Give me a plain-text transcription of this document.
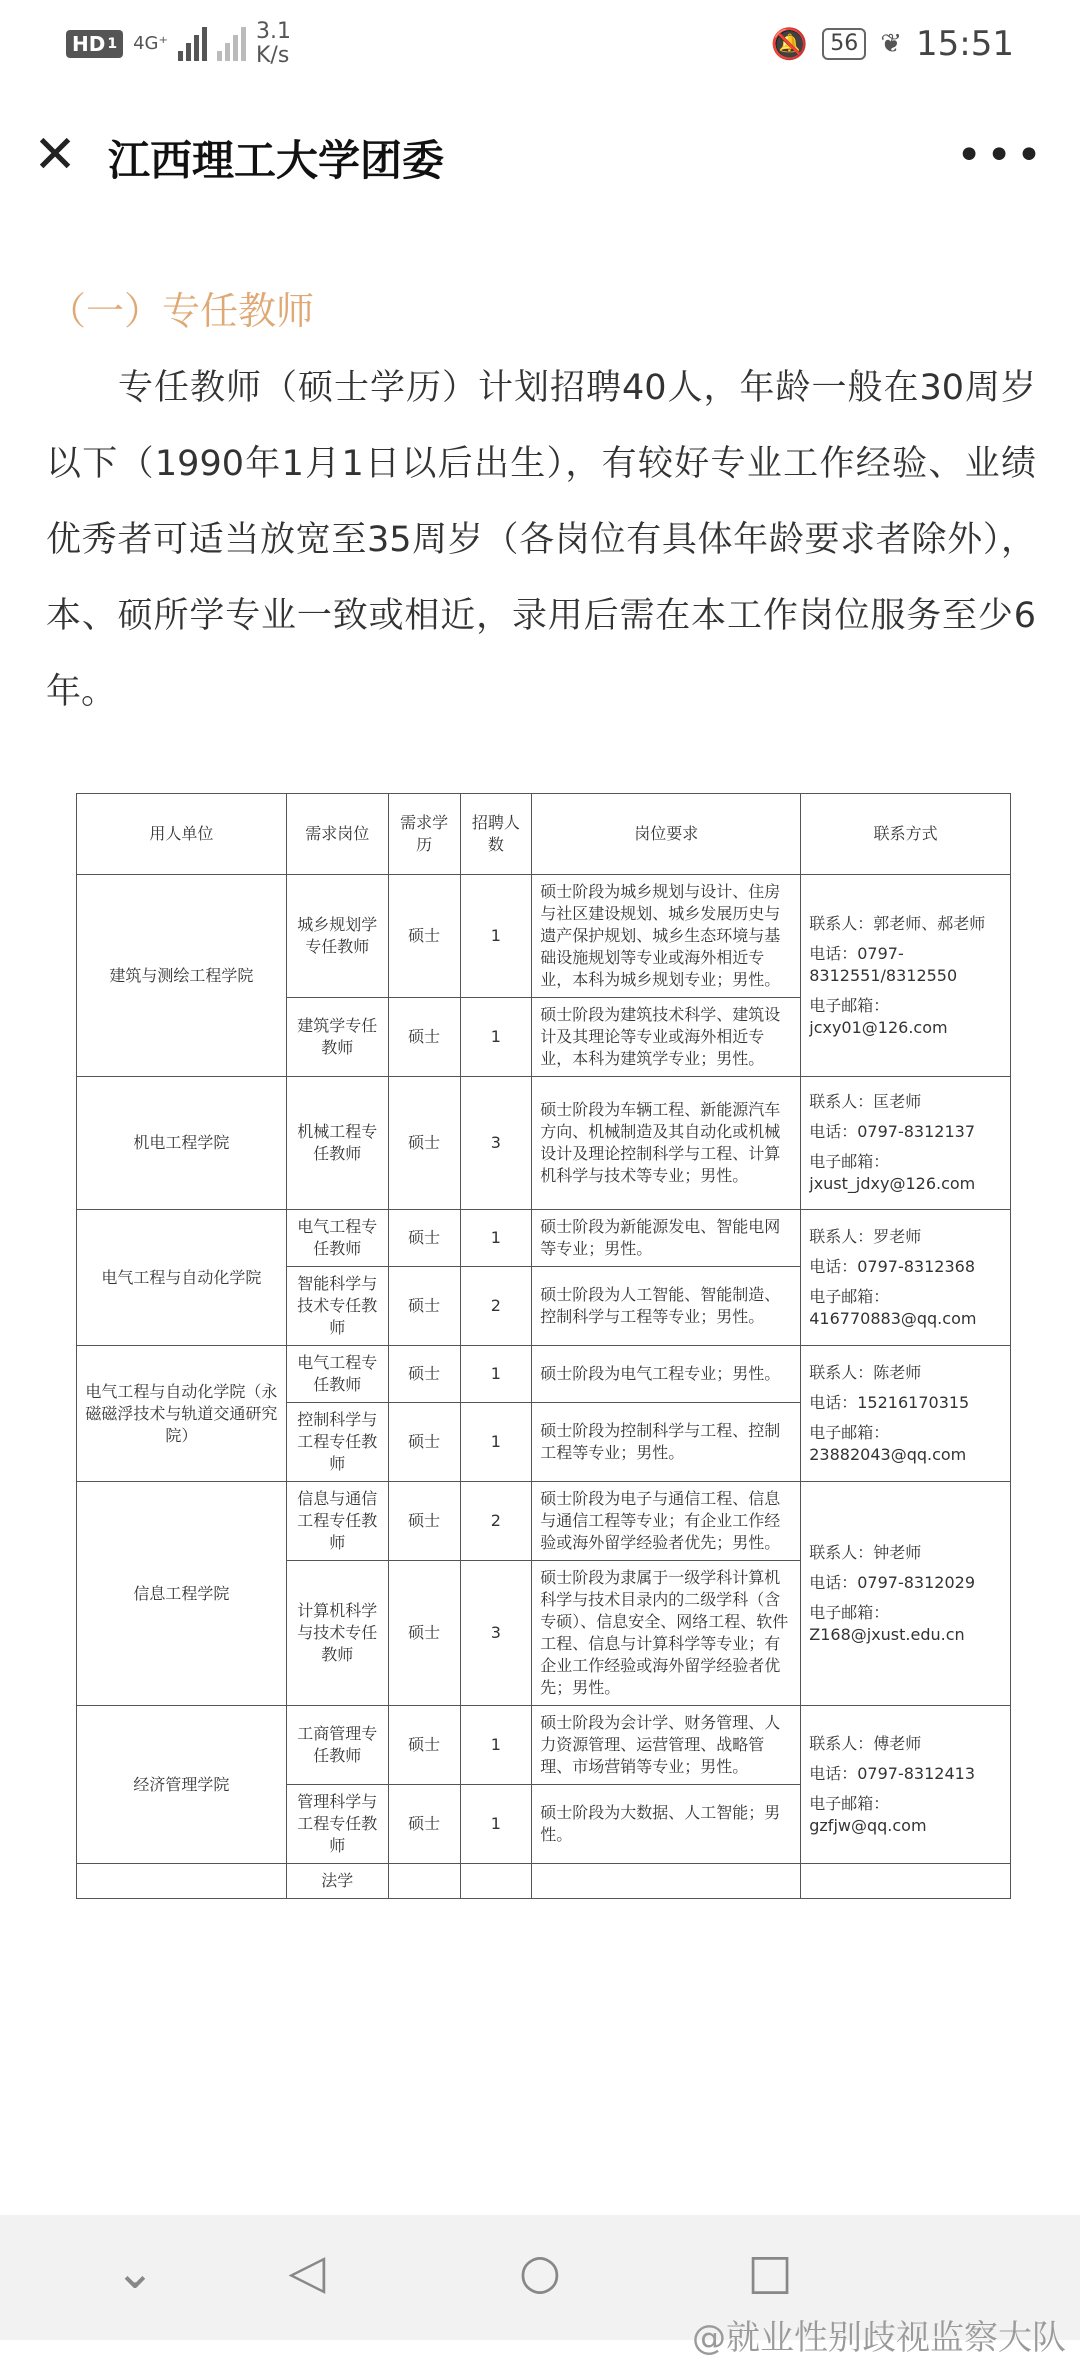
HD 1 4G⁺	3.1
K/s	🔕	56 ❦ 15:51
✕ 江西理工大学团委	•••
（一）专任教师
　　专任教师（硕士学历）计划招聘40人，年龄一般在30周岁以下（1990年1月1日以后出生），有较好专业工作经验、业绩优秀者可适当放宽至35周岁（各岗位有具体年龄要求者除外），本、硕所学专业一致或相近，录用后需在本工作岗位服务至少6年。
用人单位	需求岗位	需求学历	招聘人数	岗位要求	联系方式
建筑与测绘工程学院	城乡规划学专任教师	硕士	1	硕士阶段为城乡规划与设计、住房与社区建设规划、城乡发展历史与遗产保护规划、城乡生态环境与基础设施规划等专业或海外相近专业，本科为城乡规划专业；男性。	联系人：郭老师、郝老师
电话：0797-8312551/8312550
电子邮箱：jcxy01@126.com

	建筑学专任教师	硕士	1	硕士阶段为建筑技术科学、建筑设计及其理论等专业或海外相近专业，本科为建筑学专业；男性。	
机电工程学院	机械工程专任教师	硕士	3	硕士阶段为车辆工程、新能源汽车方向、机械制造及其自动化或机械设计及理论控制科学与工程、计算机科学与技术等专业；男性。	联系人：匡老师
电话：0797-8312137
电子邮箱：jxust_jdxy@126.com

电气工程与自动化学院	电气工程专任教师	硕士	1	硕士阶段为新能源发电、智能电网等专业；男性。	联系人：罗老师
电话：0797-8312368
电子邮箱：416770883@qq.com

	智能科学与技术专任教师	硕士	2	硕士阶段为人工智能、智能制造、控制科学与工程等专业；男性。	
电气工程与自动化学院（永磁磁浮技术与轨道交通研究院）	电气工程专任教师	硕士	1	硕士阶段为电气工程专业；男性。	联系人：陈老师
电话：15216170315
电子邮箱：23882043@qq.com

	控制科学与工程专任教师	硕士	1	硕士阶段为控制科学与工程、控制工程等专业；男性。	
信息工程学院	信息与通信工程专任教师	硕士	2	硕士阶段为电子与通信工程、信息与通信工程等专业；有企业工作经验或海外留学经验者优先；男性。	联系人：钟老师
电话：0797-8312029
电子邮箱：Z168@jxust.edu.cn

	计算机科学与技术专任教师	硕士	3	硕士阶段为隶属于一级学科计算机科学与技术目录内的二级学科（含专硕）、信息安全、网络工程、软件工程、信息与计算科学等专业；有企业工作经验或海外留学经验者优先；男性。	
经济管理学院	工商管理专任教师	硕士	1	硕士阶段为会计学、财务管理、人力资源管理、运营管理、战略管理、市场营销等专业；男性。	联系人：傅老师
电话：0797-8312413
电子邮箱：gzfjw@qq.com

	管理科学与工程专任教师	硕士	1	硕士阶段为大数据、人工智能；男性。	
	法学				
⌄	◁	○	□
@就业性别歧视监察大队
